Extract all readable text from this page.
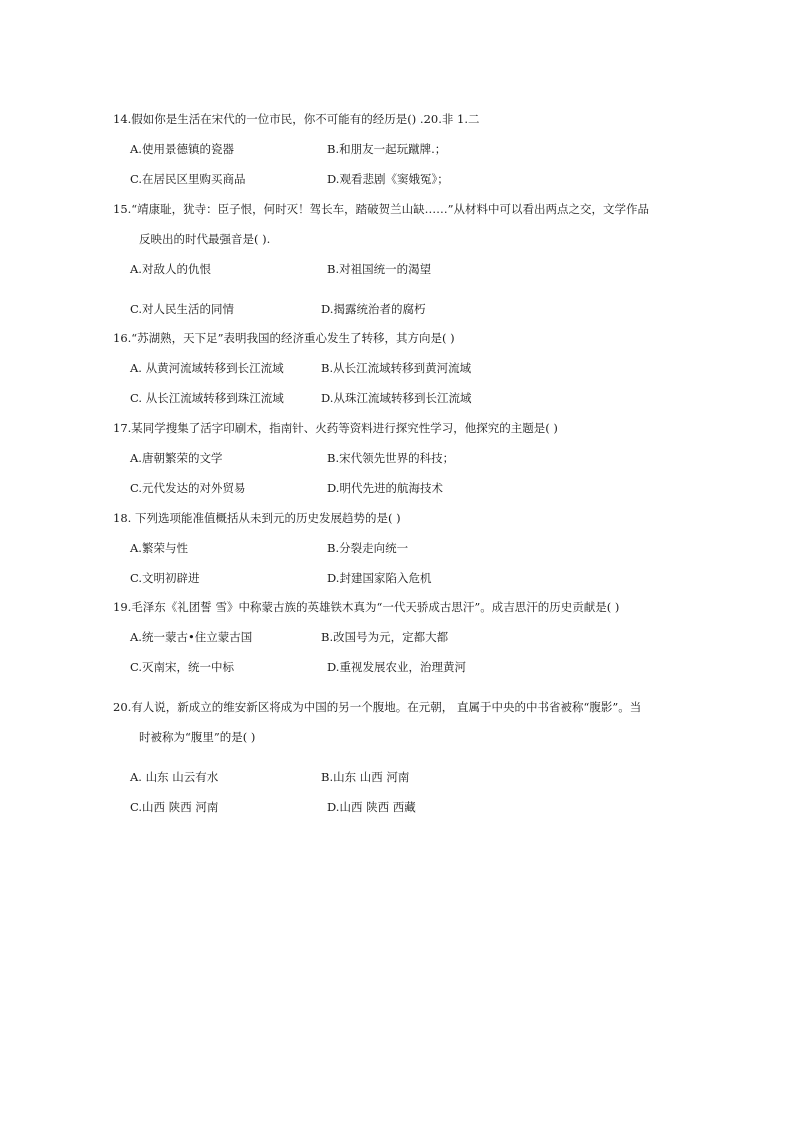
14.假如你是生活在宋代的一位市民，你不可能有的经历是() .20.非 1.二
A.使用景德镇的瓷器	B.和朋友一起玩蹴牌.；
C.在居民区里购买商品	D.观看悲剧《窦娥冤》；
15.“靖康耻，犹寺：臣子恨，何时灭！驾长车，踏破贺兰山缺……”从材料中可以看出两点之交，文学作品
反映出的时代最强音是( ).
A.对敌人的仇恨	B.对祖国统一的渴望
C.对人民生活的同情	D.揭露统治者的腐朽
16.“苏湖熟，天下足”表明我国的经济重心发生了转移，其方向是( )
A. 从黄河流域转移到长江流域	B.从长江流域转移到黄河流域
C. 从长江流域转移到珠江流域	D.从珠江流域转移到长江流域
17.某同学搜集了活字印刷术，指南针、火药等资料进行探究性学习，他探究的主题是( )
A.唐朝繁荣的文学	B.宋代领先世界的科技；
C.元代发达的对外贸易	D.明代先进的航海技术
18. 下列选项能准值概括从未到元的历史发展趋势的是( )
A.繁荣与性	B.分裂走向统一
C.文明初辟进	D.封建国家陷入危机
19.毛泽东《礼团誓 雪》中称蒙古族的英雄铁木真为“一代天骄成古思汗”。成吉思汗的历史贡献是( )
A.统一蒙古•住立蒙古国	B.改国号为元，定都大都
C.灭南宋，统一中标	D.重视发展农业，治理黄河
20.有人说，新成立的维安新区将成为中国的另一个腹地。在元朝， 直属于中央的中书省被称“腹影”。当
时被称为“腹里”的是( )
A. 山东 山云有水	B.山东 山西 河南
C.山西 陕西 河南	D.山西 陕西 西藏
